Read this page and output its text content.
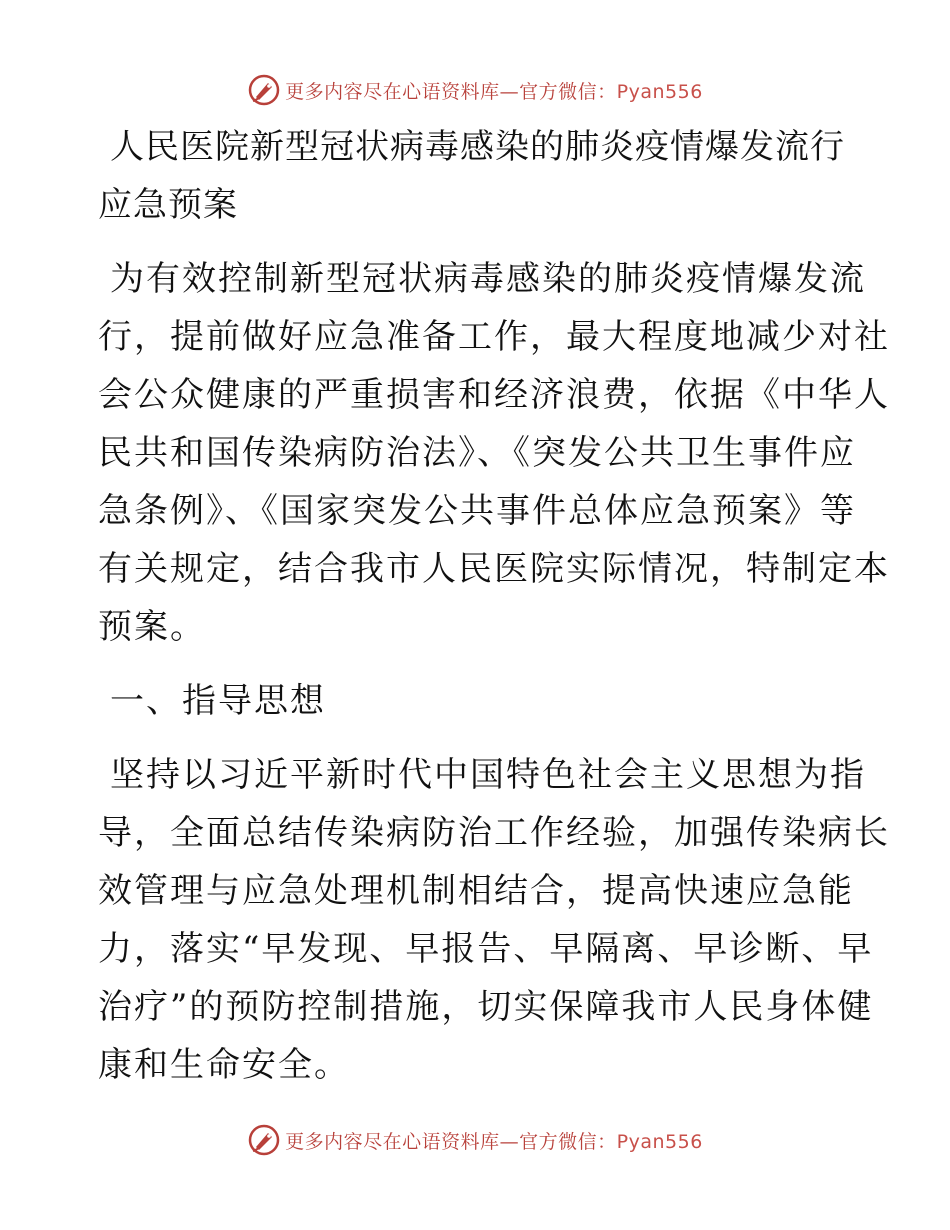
更多内容尽在心语资料库—官方微信：Pyan556
人民医院新型冠状病毒感染的肺炎疫情爆发流行
应急预案
为有效控制新型冠状病毒感染的肺炎疫情爆发流
行，提前做好应急准备工作，最大程度地减少对社
会公众健康的严重损害和经济浪费，依据《中华人
民共和国传染病防治法》、《突发公共卫生事件应
急条例》、《国家突发公共事件总体应急预案》等
有关规定，结合我市人民医院实际情况，特制定本
预案。
一、指导思想
坚持以习近平新时代中国特色社会主义思想为指
导，全面总结传染病防治工作经验，加强传染病长
效管理与应急处理机制相结合，提高快速应急能
力，落实“早发现、早报告、早隔离、早诊断、早
治疗”的预防控制措施，切实保障我市人民身体健
康和生命安全。
更多内容尽在心语资料库—官方微信：Pyan556
